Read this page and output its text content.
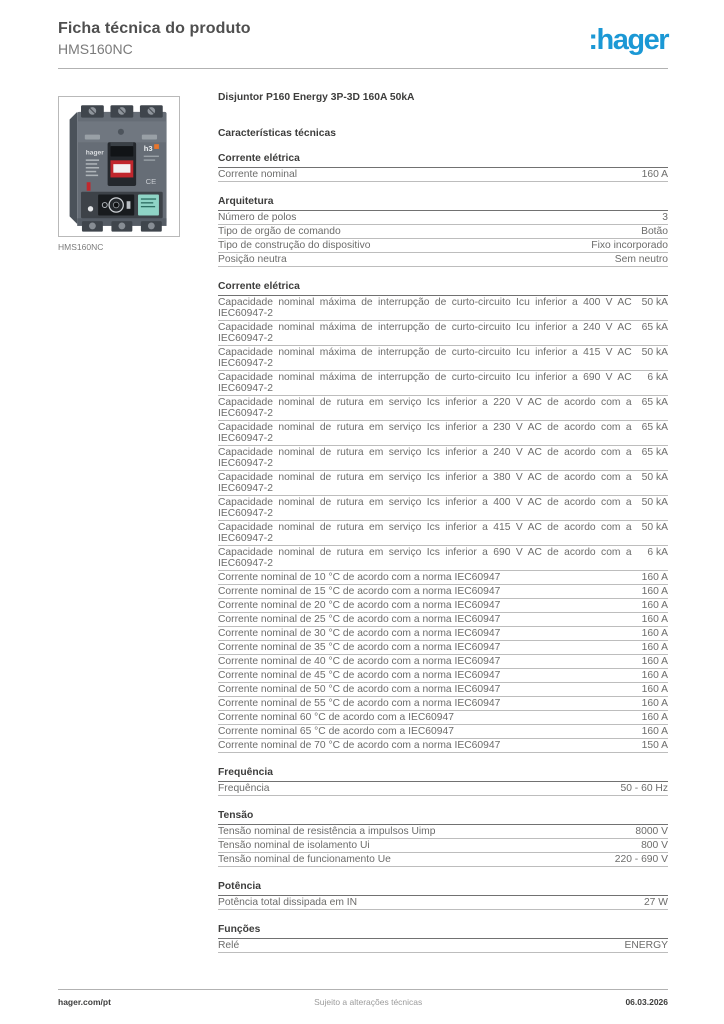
Ficha técnica do produto
HMS160NC	:hager
hager
h3
CE
HMS160NC
Disjuntor P160 Energy 3P-3D 160A 50kA
Características técnicas
Corrente elétrica
Corrente nominal	160 A
Arquitetura
Número de polos	3
Tipo de orgão de comando	Botão
Tipo de construção do dispositivo	Fixo incorporado
Posição neutra	Sem neutro
Corrente elétrica
Capacidade nominal máxima de interrupção de curto-circuito Icu inferior a 400 V AC IEC60947-2	50 kA
Capacidade nominal máxima de interrupção de curto-circuito Icu inferior a 240 V AC IEC60947-2	65 kA
Capacidade nominal máxima de interrupção de curto-circuito Icu inferior a 415 V AC IEC60947-2	50 kA
Capacidade nominal máxima de interrupção de curto-circuito Icu inferior a 690 V AC IEC60947-2	6 kA
Capacidade nominal de rutura em serviço Ics inferior a 220 V AC de acordo com a IEC60947-2	65 kA
Capacidade nominal de rutura em serviço Ics inferior a 230 V AC de acordo com a IEC60947-2	65 kA
Capacidade nominal de rutura em serviço Ics inferior a 240 V AC de acordo com a IEC60947-2	65 kA
Capacidade nominal de rutura em serviço Ics inferior a 380 V AC de acordo com a IEC60947-2	50 kA
Capacidade nominal de rutura em serviço Ics inferior a 400 V AC de acordo com a IEC60947-2	50 kA
Capacidade nominal de rutura em serviço Ics inferior a 415 V AC de acordo com a IEC60947-2	50 kA
Capacidade nominal de rutura em serviço Ics inferior a 690 V AC de acordo com a IEC60947-2	6 kA
Corrente nominal de 10 °C de acordo com a norma IEC60947	160 A
Corrente nominal de 15 °C de acordo com a norma IEC60947	160 A
Corrente nominal de 20 °C de acordo com a norma IEC60947	160 A
Corrente nominal de 25 °C de acordo com a norma IEC60947	160 A
Corrente nominal de 30 °C de acordo com a norma IEC60947	160 A
Corrente nominal de 35 °C de acordo com a norma IEC60947	160 A
Corrente nominal de 40 °C de acordo com a norma IEC60947	160 A
Corrente nominal de 45 °C de acordo com a norma IEC60947	160 A
Corrente nominal de 50 °C de acordo com a norma IEC60947	160 A
Corrente nominal de 55 °C de acordo com a norma IEC60947	160 A
Corrente nominal 60 °C de acordo com a IEC60947	160 A
Corrente nominal 65 °C de acordo com a IEC60947	160 A
Corrente nominal de 70 °C de acordo com a norma IEC60947	150 A
Frequência
Frequência	50 - 60 Hz
Tensão
Tensão nominal de resistência a impulsos Uimp	8000 V
Tensão nominal de isolamento Ui	800 V
Tensão nominal de funcionamento Ue	220 - 690 V
Potência
Potência total dissipada em IN	27 W
Funções
Relé	ENERGY
hager.com/pt	Sujeito a alterações técnicas	06.03.2026
